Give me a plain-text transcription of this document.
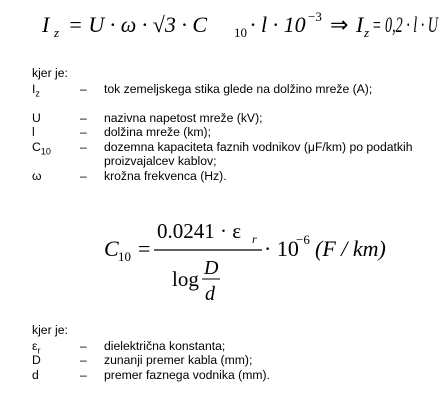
I z = U · ω · √3 · C 10 · l · 10 −3 ⇒ I z = 0,2 · l · U
kjer je:
$I_z$	– tok zemeljskega stika glede na dolžino mreže (A);
U	– nazivna napetost mreže (kV);
l	– dolžina mreže (km);
$C_{10}$	– dozemna kapaciteta faznih vodnikov (μF/km) po podatkih proizvajalcev kablov;
ω	– krožna frekvenca (Hz).
C 10 =
0.0241 · ε r
log D
d
· 10
−6 (F / km)
kjer je:
$\varepsilon_r$	– dielektrična konstanta;
D	– zunanji premer kabla (mm);
d	– premer faznega vodnika (mm).
